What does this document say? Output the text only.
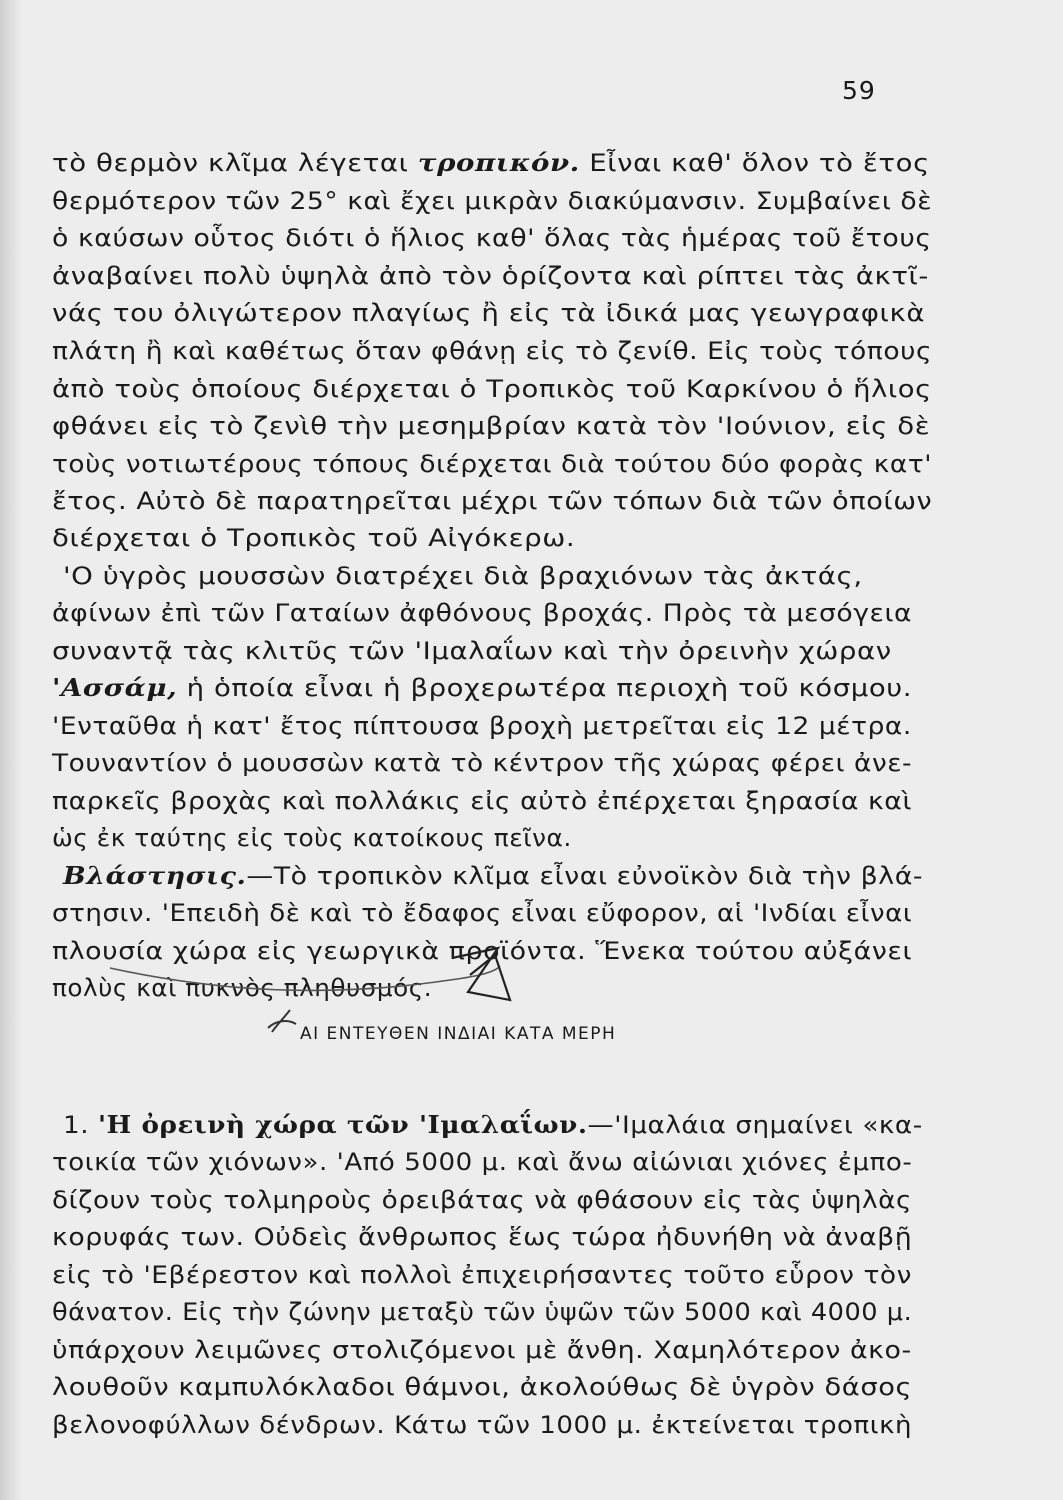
59
τὸ θερμὸν κλῖμα λέγεται τροπικόν. Εἶναι καθ' ὅλον τὸ ἔτος
θερμότερον τῶν 25° καὶ ἔχει μικρὰν διακύμανσιν. Συμβαίνει δὲ
ὁ καύσων οὗτος διότι ὁ ἥλιος καθ' ὅλας τὰς ἡμέρας τοῦ ἔτους
ἀναβαίνει πολὺ ὑψηλὰ ἀπὸ τὸν ὁρίζοντα καὶ ρίπτει τὰς ἀκτῖ-
νάς του ὀλιγώτερον πλαγίως ἢ εἰς τὰ ἰδικά μας γεωγραφικὰ
πλάτη ἢ καὶ καθέτως ὅταν φθάνῃ εἰς τὸ ζενίθ. Εἰς τοὺς τόπους
ἀπὸ τοὺς ὁποίους διέρχεται ὁ Τροπικὸς τοῦ Καρκίνου ὁ ἥλιος
φθάνει εἰς τὸ ζενὶθ τὴν μεσημβρίαν κατὰ τὸν 'Ιούνιον, εἰς δὲ
τοὺς νοτιωτέρους τόπους διέρχεται διὰ τούτου δύο φορὰς κατ'
ἔτος. Αὐτὸ δὲ παρατηρεῖται μέχρι τῶν τόπων διὰ τῶν ὁποίων
διέρχεται ὁ Τροπικὸς τοῦ Αἰγόκερω.
'Ο ὑγρὸς μουσσὼν διατρέχει διὰ βραχιόνων τὰς ἀκτάς,
ἀφίνων ἐπὶ τῶν Γαταίων ἀφθόνους βροχάς. Πρὸς τὰ μεσόγεια
συναντᾷ τὰς κλιτῦς τῶν 'Ιμαλαΐων καὶ τὴν ὀρεινὴν χώραν
'Ασσάμ, ἡ ὁποία εἶναι ἡ βροχερωτέρα περιοχὴ τοῦ κόσμου.
'Ενταῦθα ἡ κατ' ἔτος πίπτουσα βροχὴ μετρεῖται εἰς 12 μέτρα.
Τουναντίον ὁ μουσσὼν κατὰ τὸ κέντρον τῆς χώρας φέρει ἀνε-
παρκεῖς βροχὰς καὶ πολλάκις εἰς αὐτὸ ἐπέρχεται ξηρασία καὶ
ὡς ἐκ ταύτης εἰς τοὺς κατοίκους πεῖνα.
Βλάστησις.—Τὸ τροπικὸν κλῖμα εἶναι εὐνοϊκὸν διὰ τὴν βλά-
στησιν. 'Επειδὴ δὲ καὶ τὸ ἔδαφος εἶναι εὔφορον, αἱ 'Ινδίαι εἶναι
πλουσία χώρα εἰς γεωργικὰ προϊόντα. Ἕνεκα τούτου αὐξάνει
πολὺς καὶ πυκνὸς πληθυσμός.
1. 'Η ὀρεινὴ χώρα τῶν 'Ιμαλαΐων.—'Ιμαλάια σημαίνει «κα-
τοικία τῶν χιόνων». 'Από 5000 μ. καὶ ἄνω αἰώνιαι χιόνες ἐμπο-
δίζουν τοὺς τολμηροὺς ὀρειβάτας νὰ φθάσουν εἰς τὰς ὑψηλὰς
κορυφάς των. Οὐδεὶς ἄνθρωπος ἕως τώρα ἠδυνήθη νὰ ἀναβῇ
εἰς τὸ 'Εβέρεστον καὶ πολλοὶ ἐπιχειρήσαντες τοῦτο εὗρον τὸν
θάνατον. Εἰς τὴν ζώνην μεταξὺ τῶν ὑψῶν τῶν 5000 καὶ 4000 μ.
ὑπάρχουν λειμῶνες στολιζόμενοι μὲ ἄνθη. Χαμηλότερον ἀκο-
λουθοῦν καμπυλόκλαδοι θάμνοι, ἀκολούθως δὲ ὑγρὸν δάσος
βελονοφύλλων δένδρων. Κάτω τῶν 1000 μ. ἐκτείνεται τροπικὴ
ΑΙ ΕΝΤΕΥΘΕΝ ΙΝΔΙΑΙ ΚΑΤΑ ΜΕΡΗ
